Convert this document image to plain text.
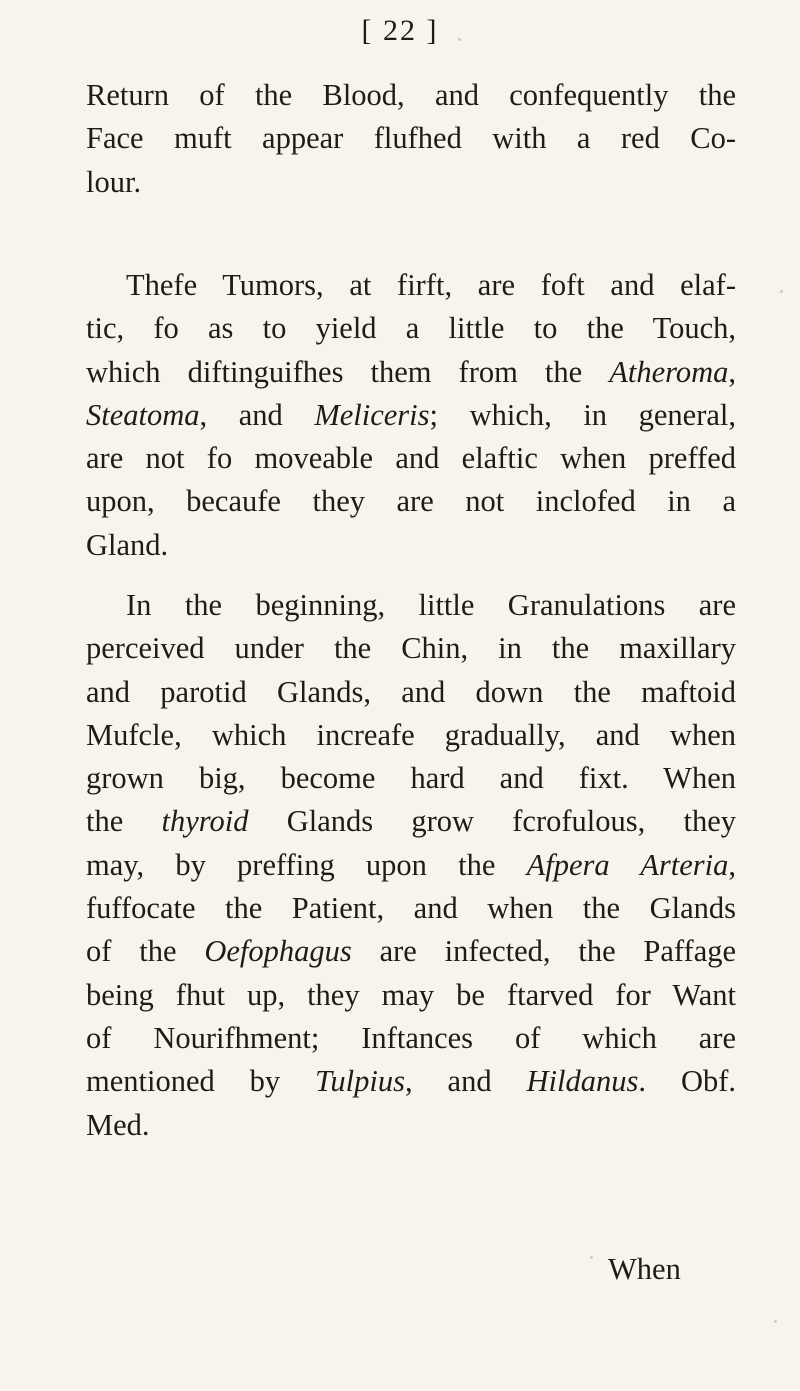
[ 22 ]
Return of the Blood, and confequently the
Face muft appear flufhed with a red Co-
lour.
Thefe Tumors, at firft, are foft and elaf-
tic, fo as to yield a little to the Touch,
which diftinguifhes them from the Atheroma,
Steatoma, and Meliceris; which, in general,
are not fo moveable and elaftic when preffed
upon, becaufe they are not inclofed in a
Gland.
In the beginning, little Granulations are
perceived under the Chin, in the maxillary
and parotid Glands, and down the maftoid
Mufcle, which increafe gradually, and when
grown big, become hard and fixt. When
the thyroid Glands grow fcrofulous, they
may, by preffing upon the Afpera Arteria,
fuffocate the Patient, and when the Glands
of the Oefophagus are infected, the Paffage
being fhut up, they may be ftarved for Want
of Nourifhment; Inftances of which are
mentioned by Tulpius, and Hildanus. Obf.
Med.
When
